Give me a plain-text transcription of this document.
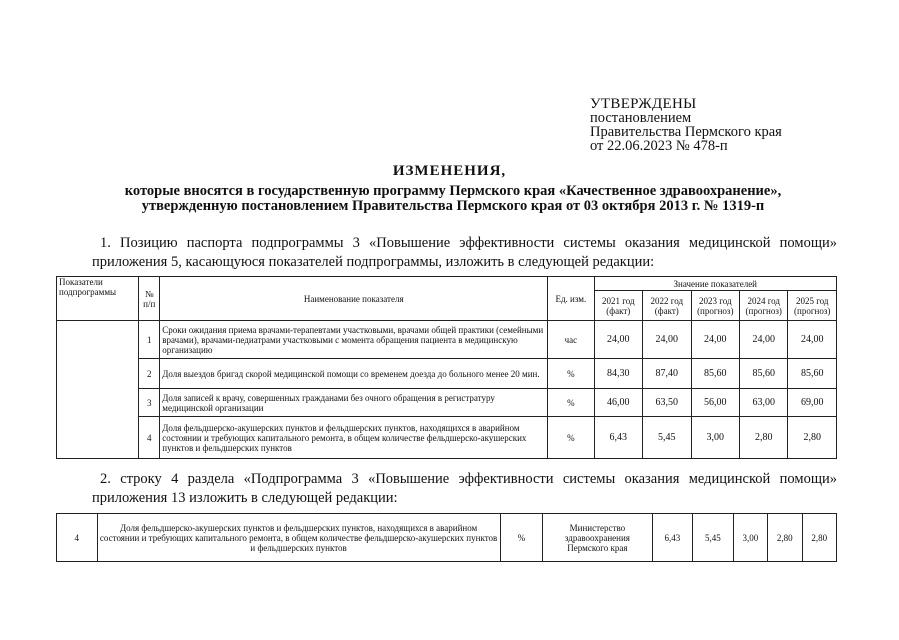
УТВЕРЖДЕНЫ
постановлением
Правительства Пермского края
от 22.06.2023 № 478-п
ИЗМЕНЕНИЯ,
которые вносятся в государственную программу Пермского края «Качественное здравоохранение»,
утвержденную постановлением Правительства Пермского края от 03 октября 2013 г. № 1319-п
1. Позицию паспорта подпрограммы 3 «Повышение эффективности системы оказания медицинской помощи»
приложения 5, касающуюся показателей подпрограммы, изложить в следующей редакции:
Показатели подпрограммы	№ п/п	Наименование показателя	Ед. изм.	Значение показателей				
				2021 год (факт)	2022 год (факт)	2023 год (прогноз)	2024 год (прогноз)	2025 год (прогноз)
	1	Сроки ожидания приема врачами-терапевтами участковыми, врачами общей практики (семейными врачами), врачами-педиатрами участковыми с момента обращения пациента в медицинскую организацию	час	24,00	24,00	24,00	24,00	24,00
	2	Доля выездов бригад скорой медицинской помощи со временем доезда до больного менее 20 мин.	%	84,30	87,40	85,60	85,60	85,60
	3	Доля записей к врачу, совершенных гражданами без очного обращения в регистратуру медицинской организации	%	46,00	63,50	56,00	63,00	69,00
	4	Доля фельдшерско-акушерских пунктов и фельдшерских пунктов, находящихся в аварийном состоянии и требующих капитального ремонта, в общем количестве фельдшерско-акушерских пунктов и фельдшерских пунктов	%	6,43	5,45	3,00	2,80	2,80
2. строку 4 раздела «Подпрограмма 3 «Повышение эффективности системы оказания медицинской помощи»
приложения 13 изложить в следующей редакции:
4	Доля фельдшерско-акушерских пунктов и фельдшерских пунктов, находящихся в аварийном состоянии и требующих капитального ремонта, в общем количестве фельдшерско-акушерских пунктов и фельдшерских пунктов	%	Министерство здравоохранения Пермского края	6,43	5,45	3,00	2,80	2,80
